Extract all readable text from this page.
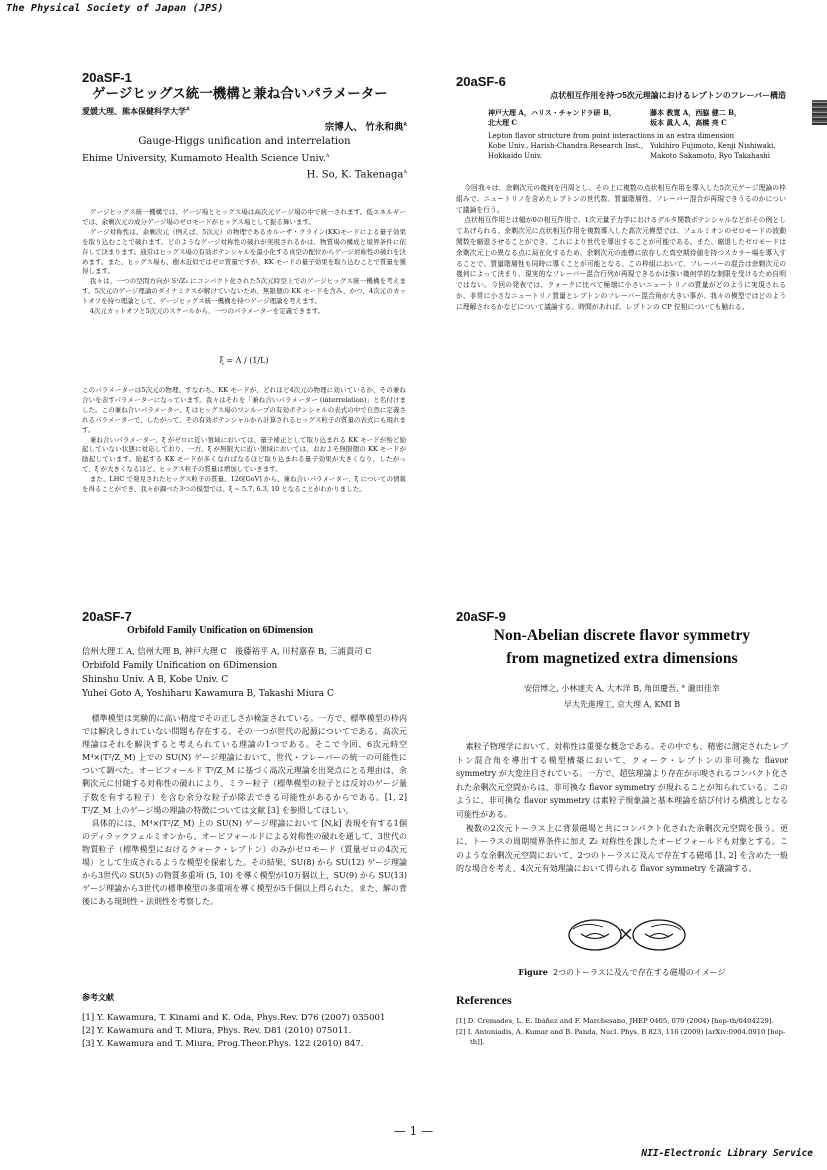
The Physical Society of Japan (JPS)
— 1 —
NII-Electronic Library Service
20aSF-1
ゲージヒッグス統一機構と兼ね合いパラメーター
愛媛大理、熊本保健科学大学$^A$
宗博人、 竹永和典$^A$
Gauge-Higgs unification and interrelation
Ehime University, Kumamoto Health Science Univ.$^A$
H. So, K. Takenaga$^A$

ゲージヒッグス統一機構では、ゲージ場とヒッグス場は高次元ゲージ場の中で統一されます。低エネルギーでは、余剰次元の成分ゲージ場のゼロモードがヒッグス場として振る舞います。

ゲージ対称性は、余剰次元（例えば、5次元）の物理であるカルーザ・クライン(KK)モードによる量子効果を取り込むことで破れます。どのようなゲージ対称性の破れが実現されるかは、物質場の構成と境界条件に依存して決まります。通常はヒッグス場の有効ポテンシャルを最小化する真空の配位からゲージ対称性の破れを決めます。また、ヒッグス場も、樹木近似ではゼロ質量ですが、KK モードの量子効果を取り込むことで質量を獲得します。

我々は、一つの空間方向が S¹/Z₂ にコンパクト化された5次元時空上でのゲージヒッグス統一機構を考えます。5次元のゲージ理論のダイナミクスが解けていないため、無限個の KK モードを含み、かつ、4次元のカットオフを持つ理論として、ゲージヒッグス統一機構を持つゲージ理論を考えます。

4次元カットオフと5次元のスケールから、一つのパラメーターを定義できます。

ξ = Λ / (1/L)

このパラメーターは5次元の物理、すなわち、KK モードが、どれほど4次元の物理に効いているか、その兼ね合いを表すパラメーターになっています。我々はそれを「兼ね合いパラメーター (interrelation)」と名付けました。この兼ね合いパラメーター、ξ はヒッグス場のワンループの有効ポテンシャルの表式の中で自然に定義されるパラメーターで、したがって、その有効ポテンシャルから計算されるヒッグス粒子の質量の表式にも現れます。

兼ね合いパラメーター、ξ がゼロに近い領域においては、量子補正として取り込まれる KK モードが殆ど励起していない状態に対応しており、一方、ξ が無限大に近い領域においては、おおよそ無限個の KK モードが励起しています。励起する KK モードが多くなればなるほど取り込まれる量子効果が大きくなり、したがって、ξ が大きくなるほど、ヒッグス粒子の質量は増加していきます。

また、LHC で発見されたヒッグス粒子の質量、126[GeV] から、兼ね合いパラメーター、ξ についての情報を得ることができ、我々が調べた3つの模型では、ξ ~ 5.7, 6.3, 10 となることがわかりました。

20aSF-6
点状相互作用を持つ5次元理論におけるレプトンのフレーバー構造
神戸大理 A，ハリス・チャンドラ研 B，
北大理 C
藤本 教寛 A，西脇 健二 B，
坂本 眞人 A，高橋 亮 C
Lepton flavor structure from point interactions in an extra dimension
Kobe Univ., Harish-Chandra Research Inst.,
Hokkaido Univ.
Yukihiro Fujimoto, Kenji Nishiwaki,
Makoto Sakamoto, Ryo Takahashi

今回我々は、余剰次元の幾何を円周とし、その上に複数の点状相互作用を導入した5次元ゲージ理論の枠組みで、ニュートリノを含めたレプトンの世代数、質量階層性、フレーバー混合が再現できうるのかについて議論を行う。

点状相互作用とは幅が0の相互作用で、1次元量子力学におけるデルタ関数ポテンシャルなどがその例としてあげられる。余剰次元に点状相互作用を複数導入した高次元模型では、フェルミオンのゼロモードの波動関数を縮退させることができ、これにより世代を導出することが可能である。また、縮退したゼロモードは余剰次元上の異なる点に局在化するため、余剰次元の座標に依存した真空期待値を持つスカラー場を導入することで、質量階層性も同時に導くことが可能となる。この枠組において、フレーバーの混合は余剰次元の幾何によって決まり、現実的なフレーバー混合行列が再現できるかは強い幾何学的な制限を受けるため自明ではない。今回の発表では、クォークに比べて極端に小さいニュートリノの質量がどのように実現されるか、非常に小さなニュートリノ質量とレプトンのフレーバー混合角が大きい事が、我々の模型ではどのように理解されるかなどについて議論する。時間があれば、レプトンの CP 位相についても触れる。

20aSF-7
Orbifold Family Unification on 6Dimension
信州大理工 A, 信州大理 B, 神戸大理 C　後藤裕平 A, 川村嘉春 B, 三浦貴司 C
Orbifold Family Unification on 6Dimension
Shinshu Univ. A B, Kobe Univ. C
Yuhei Goto A, Yoshiharu Kawamura B, Takashi Miura C

標準模型は実験的に高い精度でその正しさが検証されている。一方で、標準模型の枠内では解決しきれていない問題も存在する。その一つが世代の起源についてである。高次元理論はそれを解決すると考えられている理論の1つである。そこで今回、6次元時空 M⁴×(T²/Z_M) 上での SU(N) ゲージ理論において、世代・フレーバーの統一の可能性について調べた。オービフォールド T²/Z_M に基づく高次元理論を出発点にとる理由は、余剰次元に付随する対称性の破れにより、ミラー粒子（標準模型の粒子とは反対のゲージ量子数を有する粒子）を含む余分な粒子が除去できる可能性があるからである。[1, 2] T²/Z_M 上のゲージ場の理論の特徴については文献 [3] を参照してほしい。

具体的には、M⁴×(T²/Z_M) 上の SU(N) ゲージ理論において [N,k] 表現を有する1個のディラックフェルミオンから、オービフォールドによる対称性の破れを通して、3世代の物質粒子（標準模型におけるクォーク・レプトン）のみがゼロモード（質量ゼロの4次元場）として生成されるような模型を探索した。その結果、SU(8) から SU(12) ゲージ理論から3世代の SU(5) の物質多重項 (5, 10) を導く模型が10万個以上、SU(9) から SU(13) ゲージ理論から3世代の標準模型の多重項を導く模型が5千個以上得られた。また、解の背後にある規則性・法則性を考察した。

参考文献
[1] Y. Kawamura, T. Kinami and K. Oda, Phys.Rev. D76 (2007) 035001
[2] Y. Kawamura and T. Miura, Phys. Rev. D81 (2010) 075011.
[3] Y. Kawamura and T. Miura, Prog.Theor.Phys. 122 (2010) 847.
20aSF-9
Non-Abelian discrete flavor symmetry
from magnetized extra dimensions
安倍博之, 小林達夫 A, 大木洋 B, 角田慶吾, ° 瀧田佳幸
早大先進理工, 京大理 A, KMI B

素粒子物理学において、対称性は重要な概念である。その中でも、精密に測定されたレプトン混合角を導出する模型構築において、クォーク・レプトンの非可換な flavor symmetry が大変注目されている。一方で、超弦理論より存在が示唆されるコンパクト化された余剰次元空間からは、非可換な flavor symmetry が現れることが知られている。このように、非可換な flavor symmetry は素粒子現象論と基本理論を結び付ける橋渡しとなる可能性がある。

複数の2次元トーラス上に背景磁場と共にコンパクト化された余剰次元空間を扱う。更に、トーラスの周期境界条件に加え Z₂ 対称性を課したオービフォールドも対象とする。このような余剰次元空間において、2つのトーラスに及んで存在する磁場 [1, 2] を含めた一般的な場合を考え、4次元有効理論において得られる flavor symmetry を議論する。

Figure 2つのトーラスに及んで存在する磁場のイメージ
References
[1] D. Cremades, L. E. Ibáñez and F. Marchesano, JHEP 0405, 079 (2004) [hep-th/0404229].
[2] I. Antoniadis, A. Kumar and B. Panda, Nucl. Phys. B 823, 116 (2009) [arXiv:0904.0910 [hep-th]].
